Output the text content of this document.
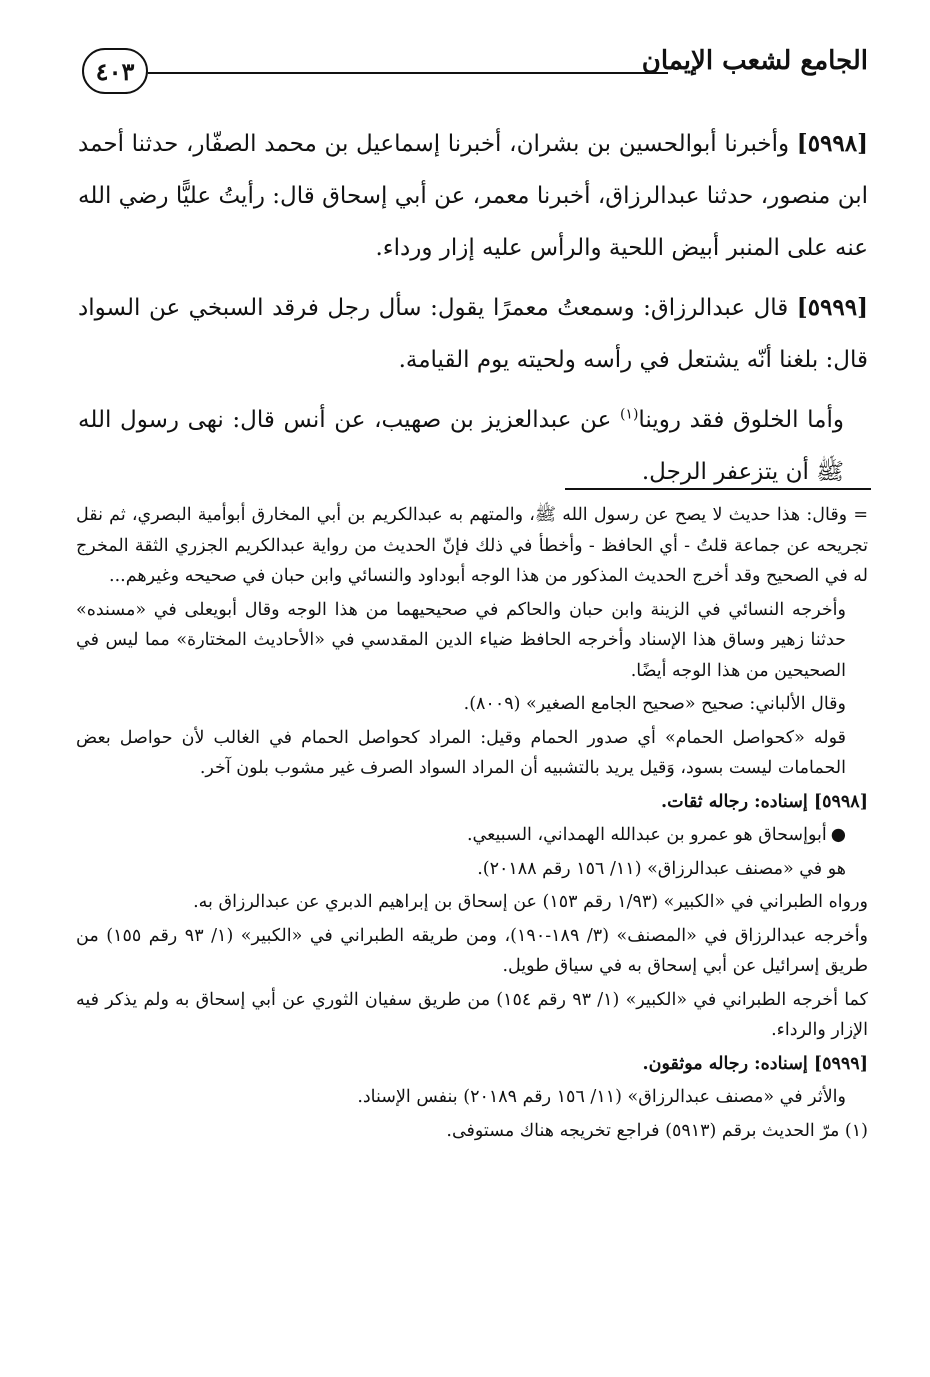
الجامع لشعب الإيمان
٤٠٣

[٥٩٩٨] وأخبرنا أبوالحسين بن بشران، أخبرنا إسماعيل بن محمد الصفّار، حدثنا أحمد ابن منصور، حدثنا عبدالرزاق، أخبرنا معمر، عن أبي إسحاق قال: رأيتُ عليًّا رضي الله عنه على المنبر أبيض اللحية والرأس عليه إزار ورداء.

[٥٩٩٩] قال عبدالرزاق: وسمعتُ معمرًا يقول: سأل رجل فرقد السبخي عن السواد قال: بلغنا أنّه يشتعل في رأسه ولحيته يوم القيامة.

وأما الخلوق فقد روينا$^{(١)}$ عن عبدالعزيز بن صهيب، عن أنس قال: نهى رسول الله ﷺ أن يتزعفر الرجل.

= وقال: هذا حديث لا يصح عن رسول الله ﷺ، والمتهم به عبدالكريم بن أبي المخارق أبوأمية البصري، ثم نقل تجريحه عن جماعة قلتُ - أي الحافظ - وأخطأ في ذلك فإنّ الحديث من رواية عبدالكريم الجزري الثقة المخرج له في الصحيح وقد أخرج الحديث المذكور من هذا الوجه أبوداود والنسائي وابن حبان في صحيحه وغيرهم...

وأخرجه النسائي في الزينة وابن حبان والحاكم في صحيحيهما من هذا الوجه وقال أبويعلى في «مسنده» حدثنا زهير وساق هذا الإسناد وأخرجه الحافظ ضياء الدين المقدسي في «الأحاديث المختارة» مما ليس في الصحيحين من هذا الوجه أيضًا.

وقال الألباني: صحيح «صحيح الجامع الصغير» (٨٠٠٩).

قوله «كحواصل الحمام» أي صدور الحمام وقيل: المراد كحواصل الحمام في الغالب لأن حواصل بعض الحمامات ليست بسود، وَقيل يريد بالتشبيه أن المراد السواد الصرف غير مشوب بلون آخر.

[٥٩٩٨] إسناده: رجاله ثقات.

●أبوإسحاق هو عمرو بن عبدالله الهمداني، السبيعي.

هو في «مصنف عبدالرزاق» (١١/ ١٥٦ رقم ٢٠١٨٨).

ورواه الطبراني في «الكبير» (١/٩٣ رقم ١٥٣) عن إسحاق بن إبراهيم الدبري عن عبدالرزاق به.

وأخرجه عبدالرزاق في «المصنف» (٣/ ١٨٩-١٩٠)، ومن طريقه الطبراني في «الكبير» (١/ ٩٣ رقم ١٥٥) من طريق إسرائيل عن أبي إسحاق به في سياق طويل.

كما أخرجه الطبراني في «الكبير» (١/ ٩٣ رقم ١٥٤) من طريق سفيان الثوري عن أبي إسحاق به ولم يذكر فيه الإزار والرداء.

[٥٩٩٩] إسناده: رجاله موثقون.

والأثر في «مصنف عبدالرزاق» (١١/ ١٥٦ رقم ٢٠١٨٩) بنفس الإسناد.

(١) مرّ الحديث برقم (٥٩١٣) فراجع تخريجه هناك مستوفى.
